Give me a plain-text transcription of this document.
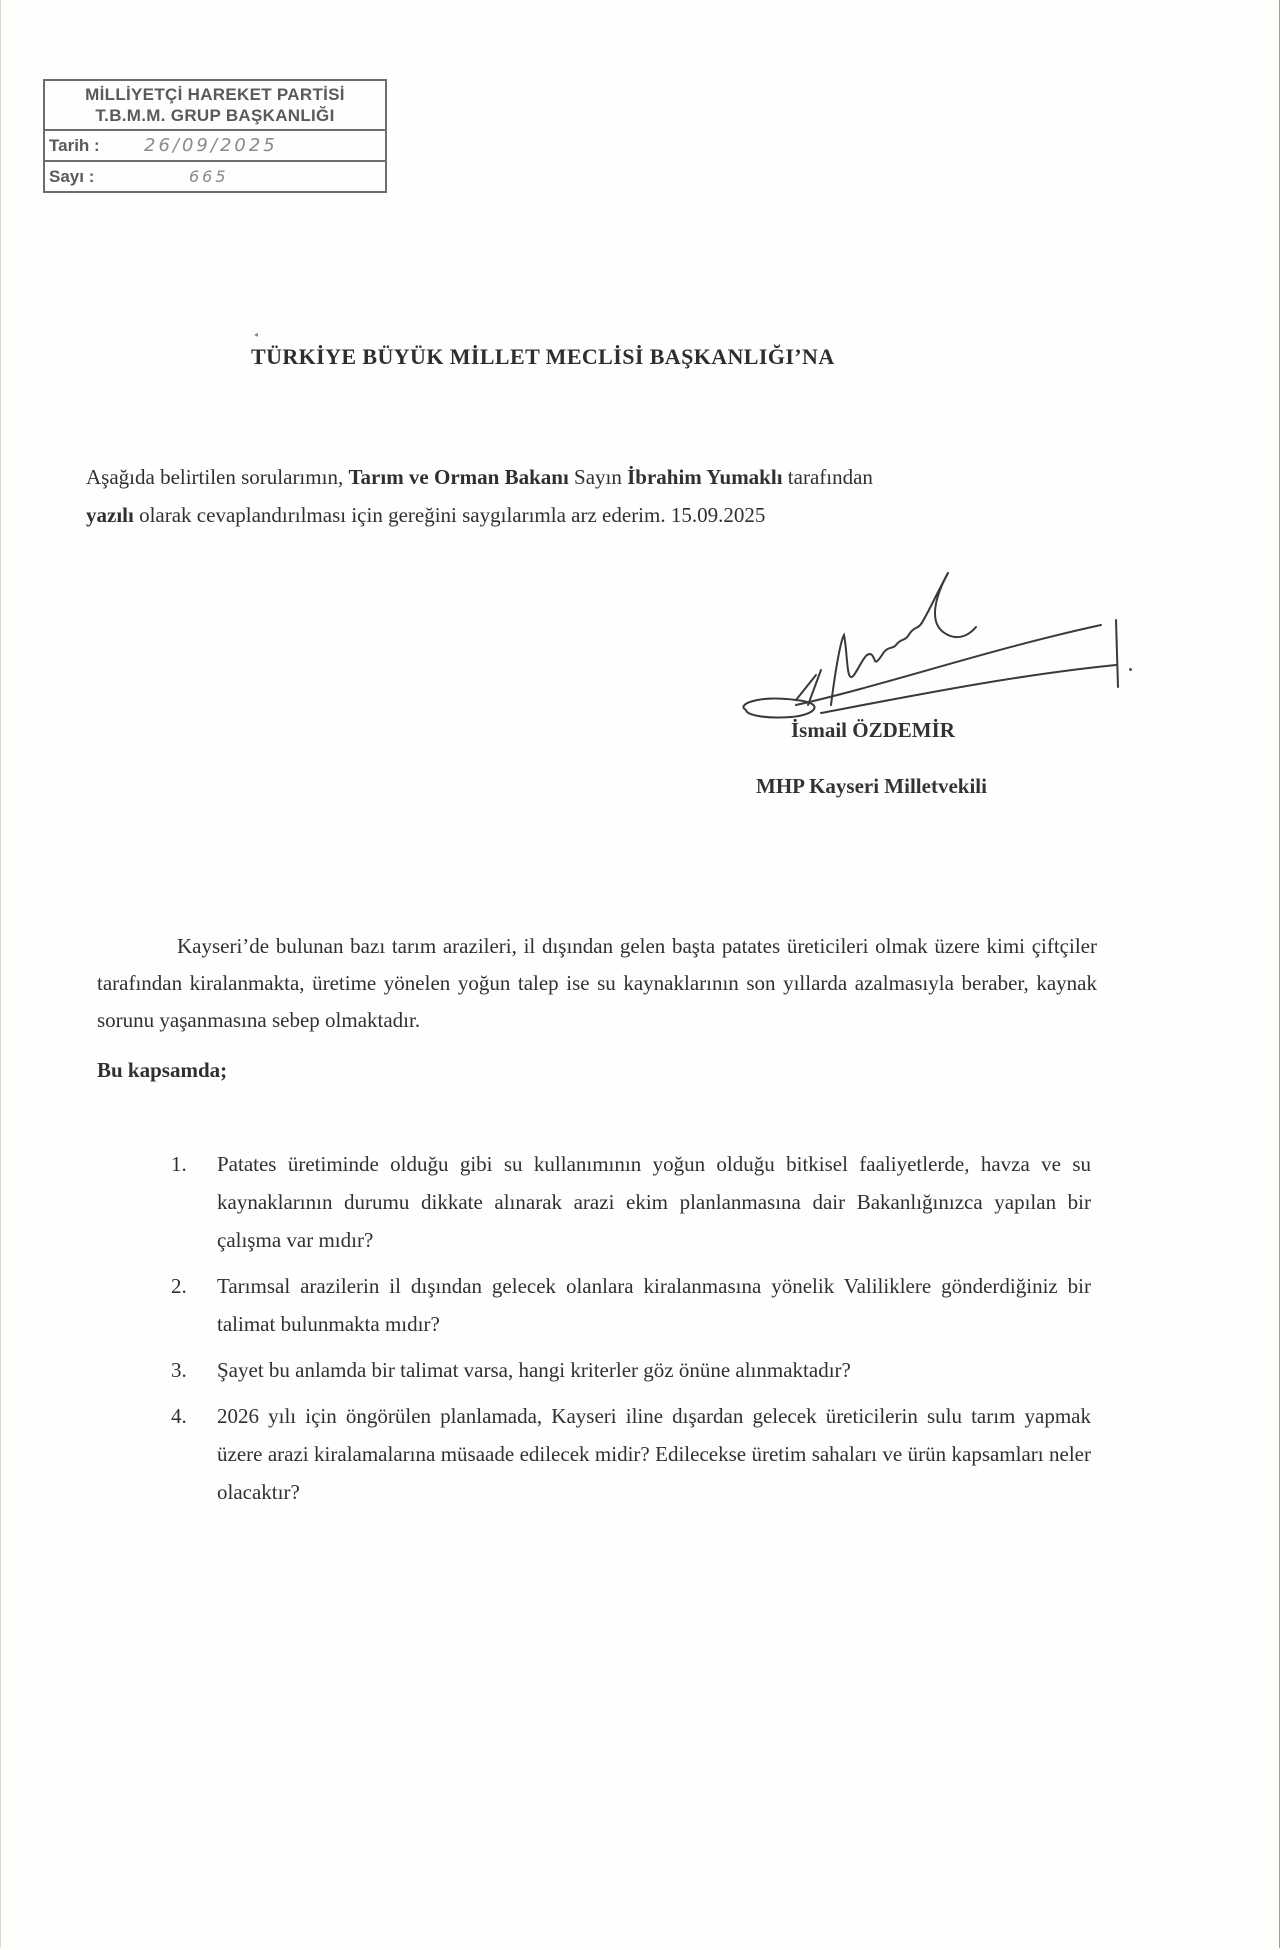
MİLLİYETÇİ HAREKET PARTİSİ
T.B.M.M. GRUP BAŞKANLIĞI
Tarih :	26/09/2025
Sayı :	665
◂
TÜRKİYE BÜYÜK MİLLET MECLİSİ BAŞKANLIĞI’NA
Aşağıda belirtilen sorularımın, Tarım ve Orman Bakanı Sayın İbrahim Yumaklı tarafından
yazılı olarak cevaplandırılması için gereğini saygılarımla arz ederim. 15.09.2025
İsmail ÖZDEMİR
MHP Kayseri Milletvekili
Kayseri’de bulunan bazı tarım arazileri, il dışından gelen başta patates üreticileri olmak üzere kimi çiftçiler tarafından kiralanmakta, üretime yönelen yoğun talep ise su kaynaklarının son yıllarda azalmasıyla beraber, kaynak sorunu yaşanmasına sebep olmaktadır.
Bu kapsamda;
1.	Patates üretiminde olduğu gibi su kullanımının yoğun olduğu bitkisel faaliyetlerde, havza ve su kaynaklarının durumu dikkate alınarak arazi ekim planlanmasına dair Bakanlığınızca yapılan bir çalışma var mıdır?
2.	Tarımsal arazilerin il dışından gelecek olanlara kiralanmasına yönelik Valiliklere gönderdiğiniz bir talimat bulunmakta mıdır?
3.	Şayet bu anlamda bir talimat varsa, hangi kriterler göz önüne alınmaktadır?
4.	2026 yılı için öngörülen planlamada, Kayseri iline dışardan gelecek üreticilerin sulu tarım yapmak üzere arazi kiralamalarına müsaade edilecek midir? Edilecekse üretim sahaları ve ürün kapsamları neler olacaktır?
